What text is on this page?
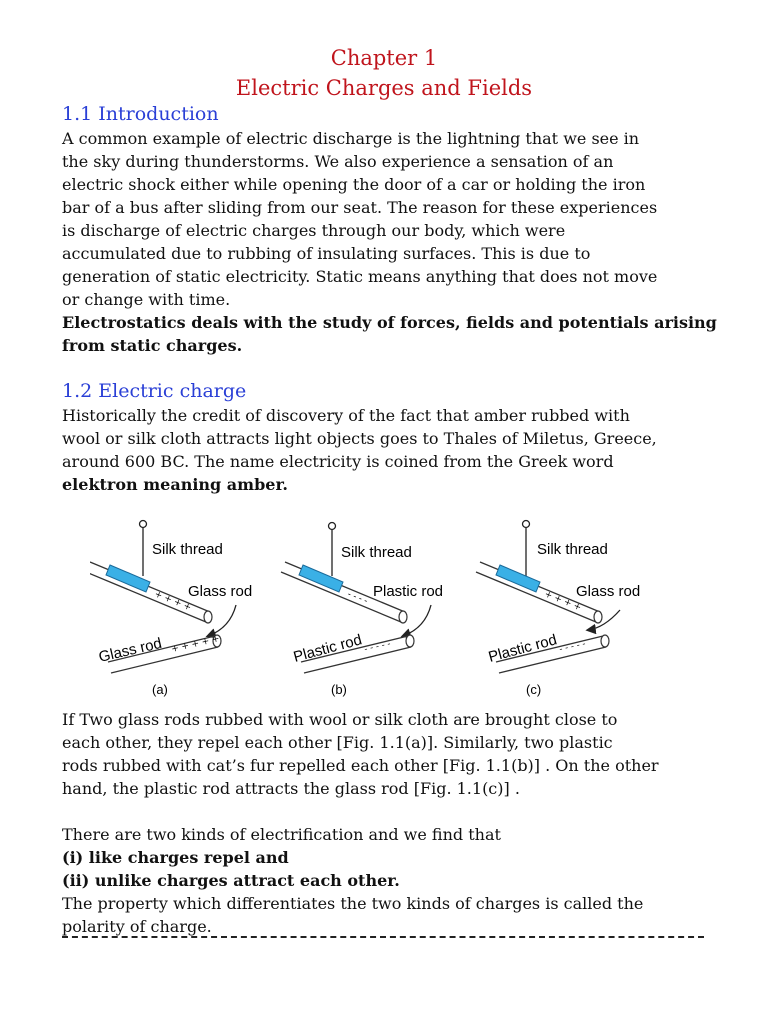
Chapter 1
Electric Charges and Fields
1.1 Introduction
A common example of electric discharge is the lightning that we see in
the sky during thunderstorms. We also experience a sensation of an
electric shock either while opening the door of a car or holding the iron
bar of a bus after sliding from our seat. The reason for these experiences
is discharge of electric charges through our body, which were
accumulated due to rubbing of insulating surfaces. This is due to
generation of static electricity. Static means anything that does not move
or change with time.
Electrostatics deals with the study of forces, fields and potentials arising
from static charges.
1.2 Electric charge
Historically the credit of discovery of the fact that amber rubbed with
wool or silk cloth attracts light objects goes to Thales of Miletus, Greece,
around 600 BC. The name electricity is coined from the Greek word
elektron meaning amber.
Silk thread
+ + + +
Glass rod
Glass rod + + + + +
(a)
Silk thread
- - - - Plastic rod
Plastic rod - - - - -
(b)
Silk thread
+ + + +
Glass rod
Plastic rod - - - - -
(c)
If Two glass rods rubbed with wool or silk cloth are brought close to
each other, they repel each other [Fig. 1.1(a)]. Similarly, two plastic
rods rubbed with cat’s fur repelled each other [Fig. 1.1(b)] . On the other
hand, the plastic rod attracts the glass rod [Fig. 1.1(c)] .
There are two kinds of electrification and we find that
(i) like charges repel and
(ii) unlike charges attract each other.
The property which differentiates the two kinds of charges is called the
polarity of charge.
